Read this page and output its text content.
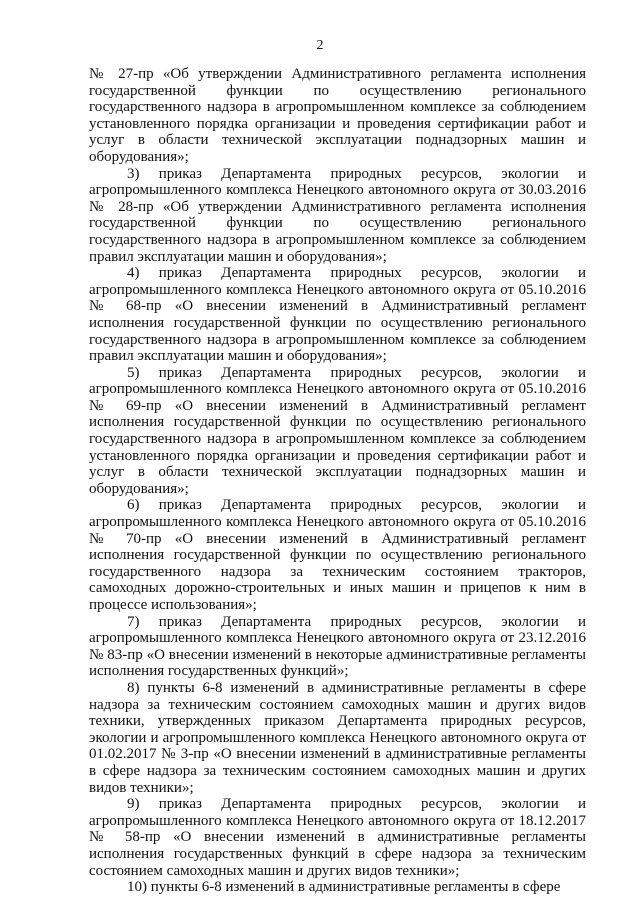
2

№ 27-пр «Об утверждении Административного регламента исполнения государственной функции по осуществлению регионального государственного надзора в агропромышленном комплексе за соблюдением установленного порядка организации и проведения сертификации работ и услуг в области технической эксплуатации поднадзорных машин и оборудования»;

3) приказ Департамента природных ресурсов, экологии и агропромышленного комплекса Ненецкого автономного округа от 30.03.2016 № 28-пр «Об утверждении Административного регламента исполнения государственной функции по осуществлению регионального государственного надзора в агропромышленном комплексе за соблюдением правил эксплуатации машин и оборудования»;

4) приказ Департамента природных ресурсов, экологии и агропромышленного комплекса Ненецкого автономного округа от 05.10.2016 № 68-пр «О внесении изменений в Административный регламент исполнения государственной функции по осуществлению регионального государственного надзора в агропромышленном комплексе за соблюдением правил эксплуатации машин и оборудования»;

5) приказ Департамента природных ресурсов, экологии и агропромышленного комплекса Ненецкого автономного округа от 05.10.2016 № 69-пр «О внесении изменений в Административный регламент исполнения государственной функции по осуществлению регионального государственного надзора в агропромышленном комплексе за соблюдением установленного порядка организации и проведения сертификации работ и услуг в области технической эксплуатации поднадзорных машин и оборудования»;

6) приказ Департамента природных ресурсов, экологии и агропромышленного комплекса Ненецкого автономного округа от 05.10.2016 № 70-пр «О внесении изменений в Административный регламент исполнения государственной функции по осуществлению регионального государственного надзора за техническим состоянием тракторов, самоходных дорожно-строительных и иных машин и прицепов к ним в процессе использования»;

7) приказ Департамента природных ресурсов, экологии и агропромышленного комплекса Ненецкого автономного округа от 23.12.2016 № 83-пр «О внесении изменений в некоторые административные регламенты исполнения государственных функций»;

8) пункты 6-8 изменений в административные регламенты в сфере надзора за техническим состоянием самоходных машин и других видов техники, утвержденных приказом Департамента природных ресурсов, экологии и агропромышленного комплекса Ненецкого автономного округа от 01.02.2017 № 3-пр «О внесении изменений в административные регламенты в сфере надзора за техническим состоянием самоходных машин и других видов техники»;

9) приказ Департамента природных ресурсов, экологии и агропромышленного комплекса Ненецкого автономного округа от 18.12.2017 № 58-пр «О внесении изменений в административные регламенты исполнения государственных функций в сфере надзора за техническим состоянием самоходных машин и других видов техники»;

10) пункты 6-8 изменений в административные регламенты в сфере
